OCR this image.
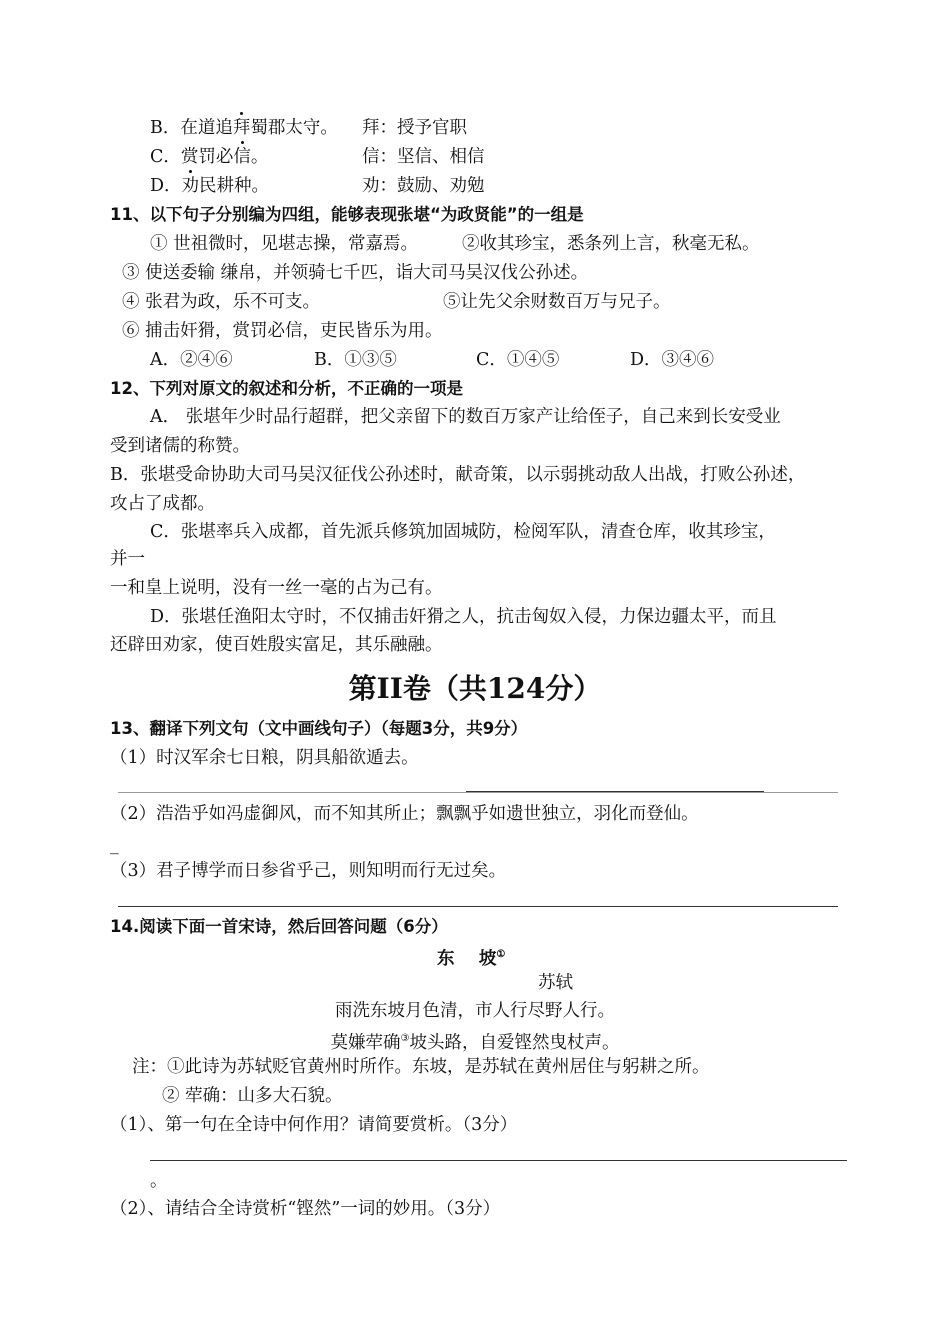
B．在道追拜蜀郡太守。 拜：授予官职
C．赏罚必信。	信：坚信、相信
D．劝民耕种。	劝：鼓励、劝勉
11、以下句子分别编为四组，能够表现张堪“为政贤能”的一组是
① 世祖微时，见堪志操，常嘉焉。	②收其珍宝，悉条列上言，秋毫无私。
③ 使送委输 缣帛，并领骑七千匹，诣大司马吴汉伐公孙述。
④ 张君为政，乐不可支。	⑤让先父余财数百万与兄子。
⑥ 捕击奸猾，赏罚必信，吏民皆乐为用。
A．②④⑥	B．①③⑤	C．①④⑤	D．③④⑥
12、下列对原文的叙述和分析，不正确的一项是
A． 张堪年少时品行超群，把父亲留下的数百万家产让给侄子，自己来到长安受业
受到诸儒的称赞。
B．张堪受命协助大司马吴汉征伐公孙述时，献奇策，以示弱挑动敌人出战，打败公孙述，
攻占了成都。
C．张堪率兵入成都，首先派兵修筑加固城防，检阅军队，清查仓库，收其珍宝，
并一
一和皇上说明，没有一丝一毫的占为己有。
D．张堪任渔阳太守时，不仅捕击奸猾之人，抗击匈奴入侵，力保边疆太平，而且
还辟田劝家，使百姓殷实富足，其乐融融。
第II卷（共124分）
13、翻译下列文句（文中画线句子）（每题3分，共9分）
（1）时汉军余七日粮，阴具船欲遁去。
（2）浩浩乎如冯虚御风，而不知其所止；飘飘乎如遗世独立，羽化而登仙。
_
（3）君子博学而日参省乎己，则知明而行无过矣。
14.阅读下面一首宋诗，然后回答问题（6分）
东    坡①
苏轼
雨洗东坡月色清，市人行尽野人行。
莫嫌荦确③坡头路，自爱铿然曳杖声。
注：①此诗为苏轼贬官黄州时所作。东坡，是苏轼在黄州居住与躬耕之所。
② 荦确：山多大石貌。
（1）、第一句在全诗中何作用？请简要赏析。（3分）
。
（2）、请结合全诗赏析“铿然”一词的妙用。（3分）
